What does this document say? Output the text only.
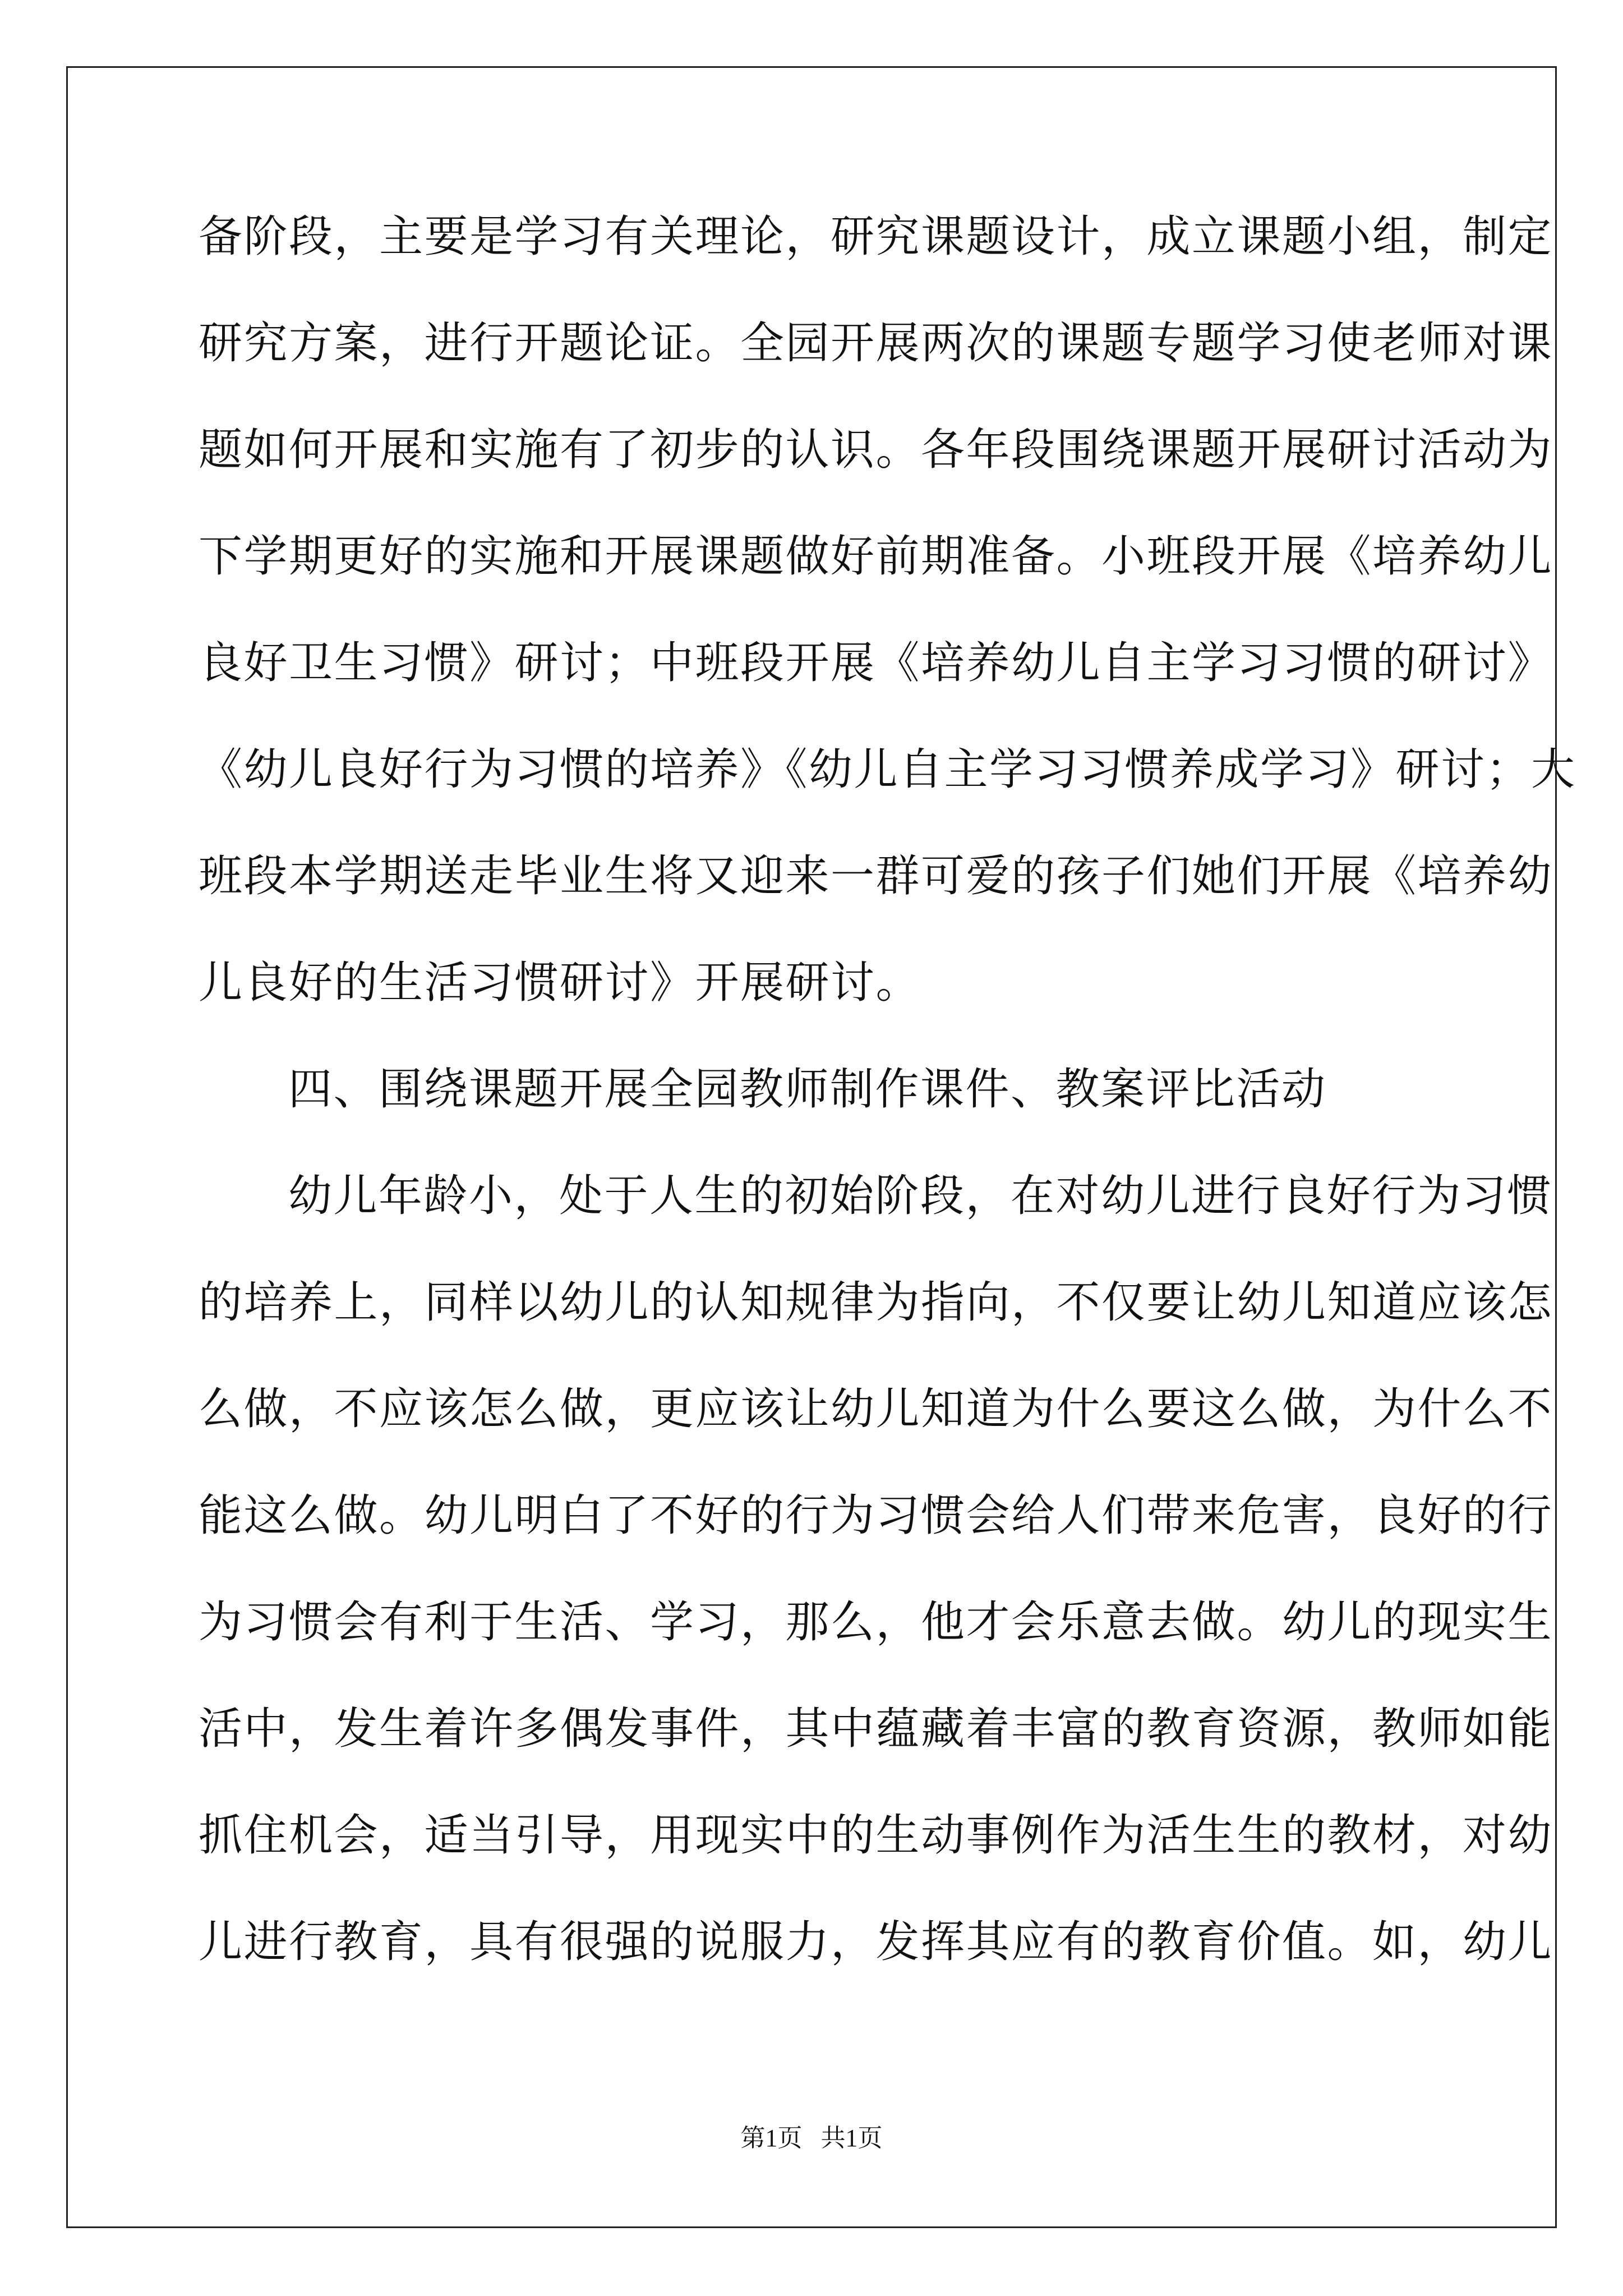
备阶段，主要是学习有关理论，研究课题设计，成立课题小组，制定
研究方案，进行开题论证。全园开展两次的课题专题学习使老师对课
题如何开展和实施有了初步的认识。各年段围绕课题开展研讨活动为
下学期更好的实施和开展课题做好前期准备。小班段开展《培养幼儿
良好卫生习惯》研讨；中班段开展《培养幼儿自主学习习惯的研讨》
《幼儿良好行为习惯的培养》《幼儿自主学习习惯养成学习》研讨；大
班段本学期送走毕业生将又迎来一群可爱的孩子们她们开展《培养幼
儿良好的生活习惯研讨》开展研讨。
四、围绕课题开展全园教师制作课件、教案评比活动
幼儿年龄小，处于人生的初始阶段，在对幼儿进行良好行为习惯
的培养上，同样以幼儿的认知规律为指向，不仅要让幼儿知道应该怎
么做，不应该怎么做，更应该让幼儿知道为什么要这么做，为什么不
能这么做。幼儿明白了不好的行为习惯会给人们带来危害，良好的行
为习惯会有利于生活、学习，那么，他才会乐意去做。幼儿的现实生
活中，发生着许多偶发事件，其中蕴藏着丰富的教育资源，教师如能
抓住机会，适当引导，用现实中的生动事例作为活生生的教材，对幼
儿进行教育，具有很强的说服力，发挥其应有的教育价值。如，幼儿
第1页   共1页
